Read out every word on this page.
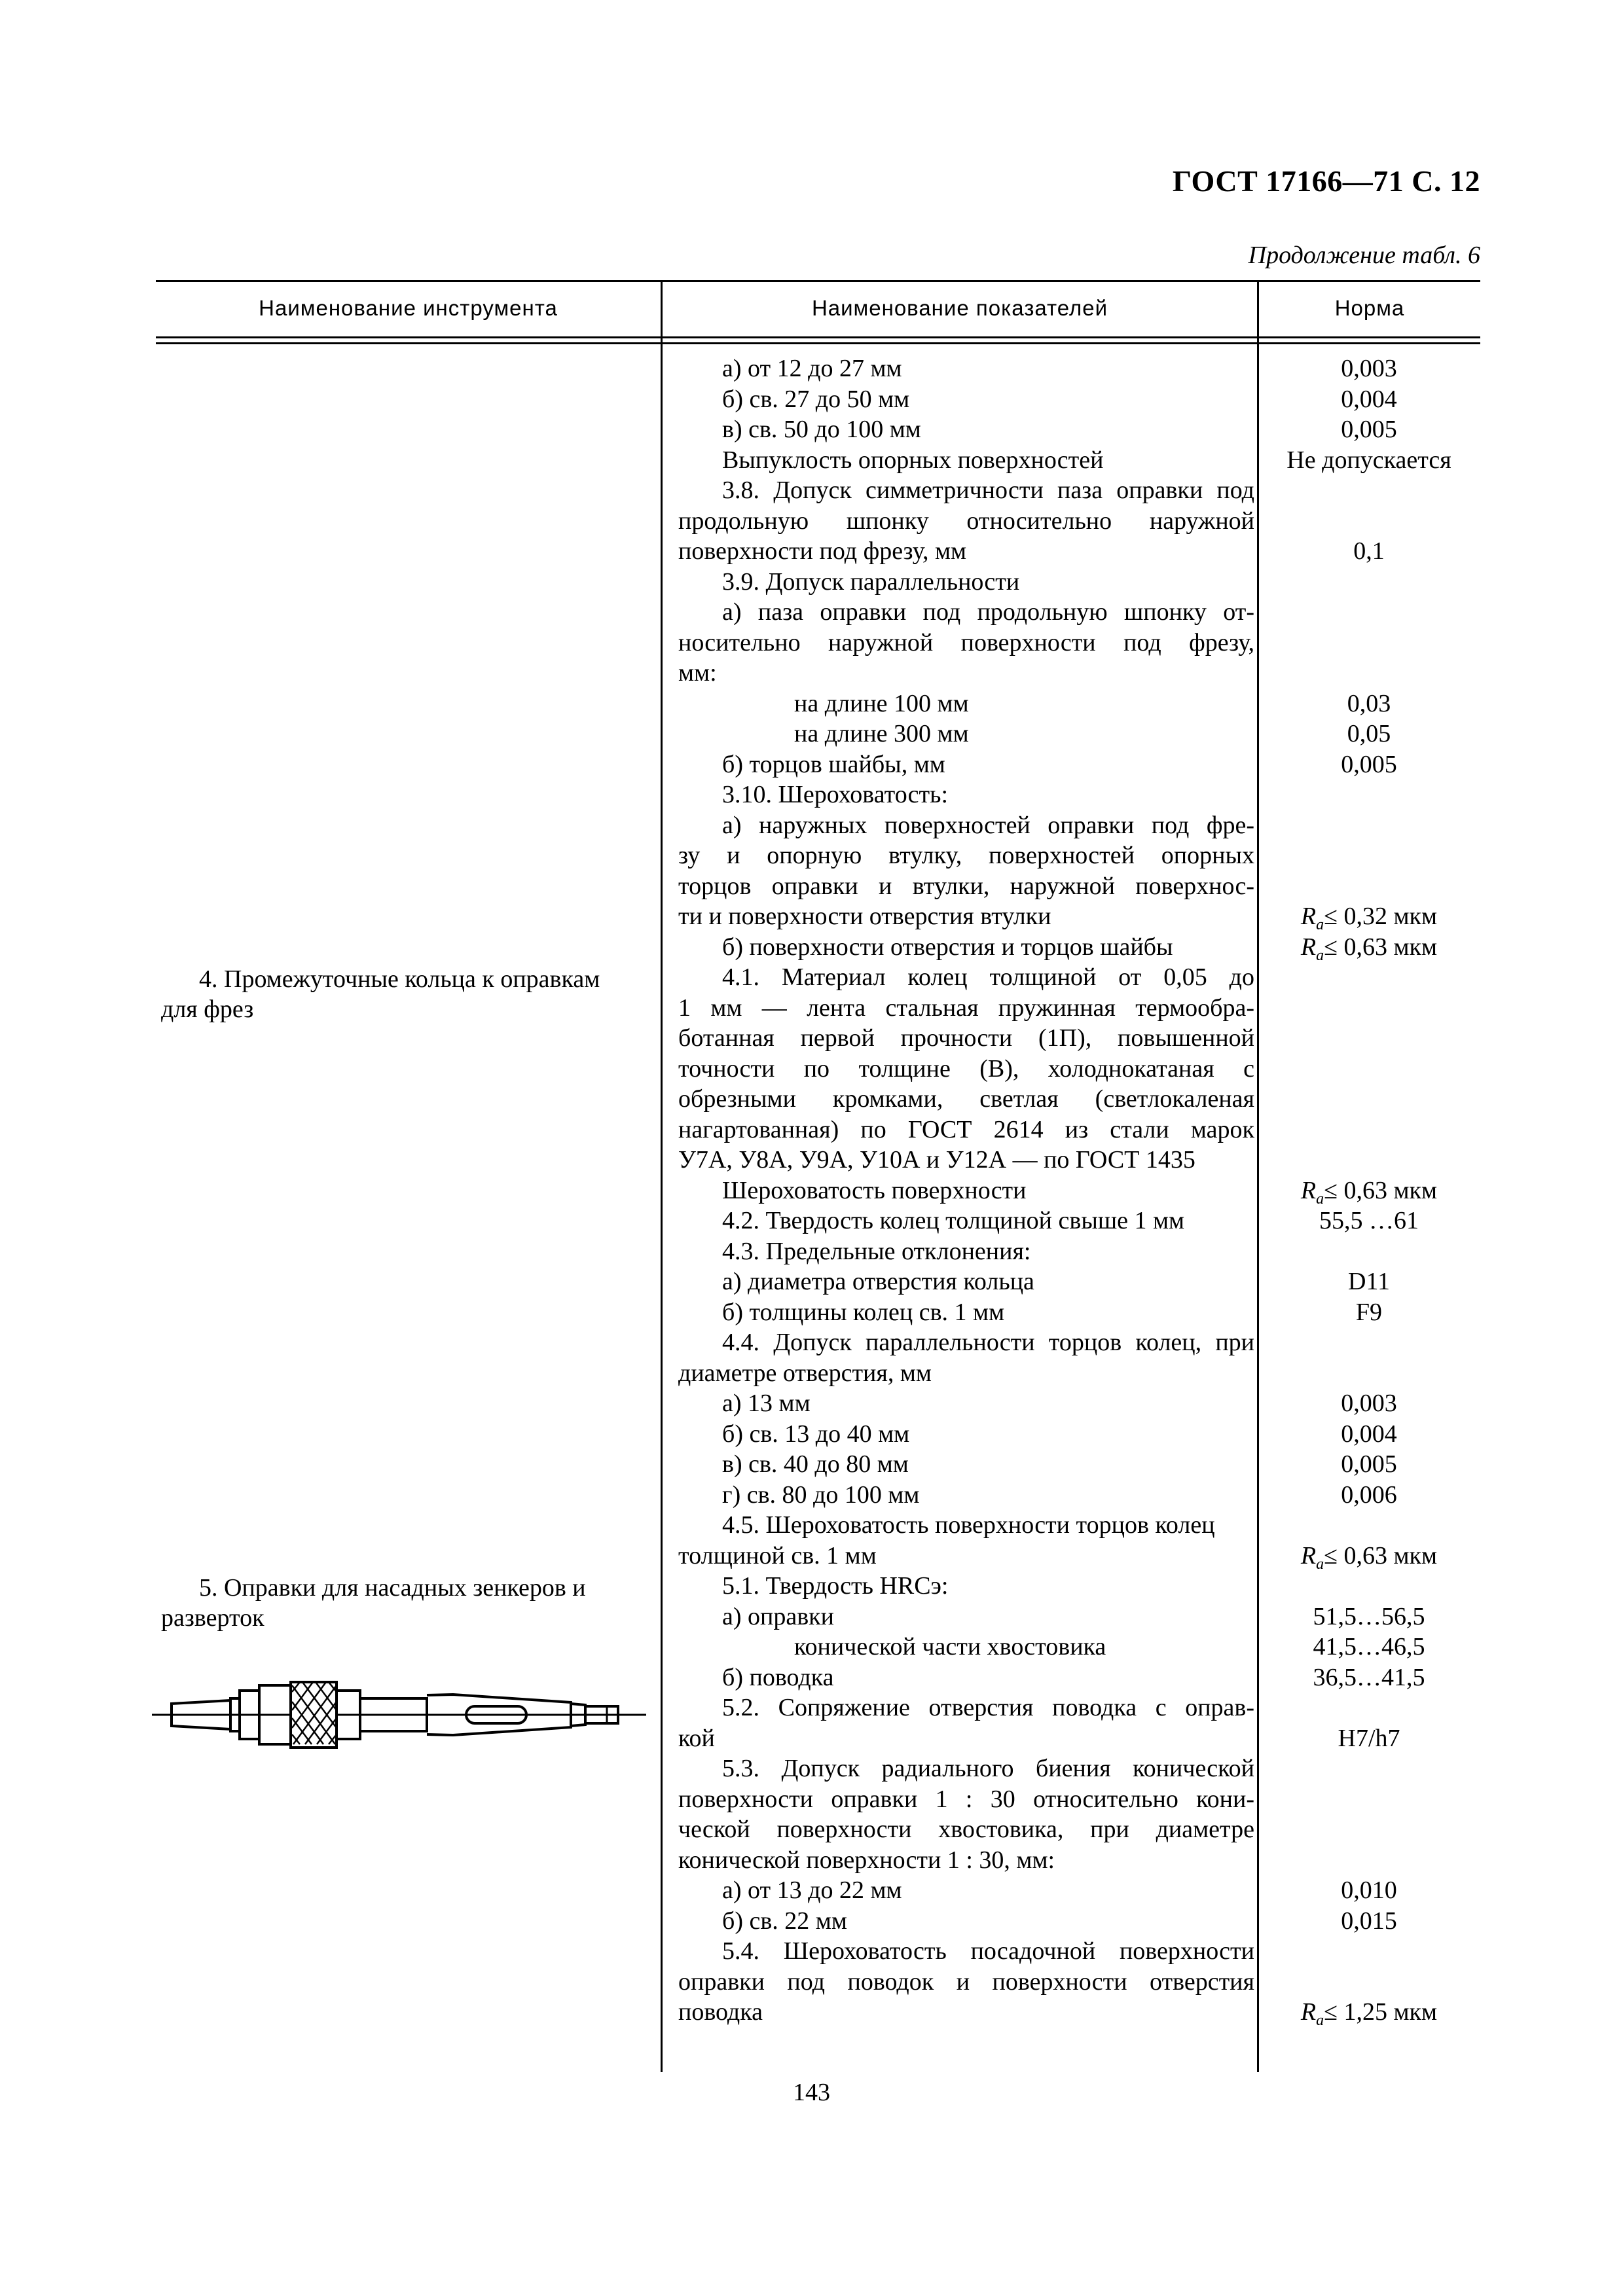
ГОСТ 17166—71 С. 12
Продолжение табл. 6
Наименование инструмента	Наименование показателей	Норма
4. Промежуточные кольца к оправкам
для фрез
5. Оправки для насадных зенкеров и
разверток
а) от 12 до 27 мм
б) св. 27 до 50 мм
в) св. 50 до 100 мм
Выпуклость опорных поверхностей
3.8. Допуск симметричности паза оправки под
продольную шпонку относительно наружной
поверхности под фрезу, мм
3.9. Допуск параллельности
а) паза оправки под продольную шпонку от-
носительно наружной поверхности под фрезу,
мм:
на длине 100 мм
на длине 300 мм
б) торцов шайбы, мм
3.10. Шероховатость:
а) наружных поверхностей оправки под фре-
зу и опорную втулку, поверхностей опорных
торцов оправки и втулки, наружной поверхнос-
ти и поверхности отверстия втулки
б) поверхности отверстия и торцов шайбы
4.1. Материал колец толщиной от 0,05 до
1 мм — лента стальная пружинная термообра-
ботанная первой прочности (1П), повышенной
точности по толщине (В), холоднокатаная с
обрезными кромками, светлая (светлокаленая
нагартованная) по ГОСТ 2614 из стали марок
У7А, У8А, У9А, У10А и У12А — по ГОСТ 1435
Шероховатость поверхности
4.2. Твердость колец толщиной свыше 1 мм
4.3. Предельные отклонения:
а) диаметра отверстия кольца
б) толщины колец св. 1 мм
4.4. Допуск параллельности торцов колец, при
диаметре отверстия, мм
а) 13 мм
б) св. 13 до 40 мм
в) св. 40 до 80 мм
г) св. 80 до 100 мм
4.5. Шероховатость поверхности торцов колец
толщиной св. 1 мм
5.1. Твердость HRCэ:
а) оправки
конической части хвостовика
б) поводка
5.2. Сопряжение отверстия поводка с оправ-
кой
5.3. Допуск радиального биения конической
поверхности оправки 1 : 30 относительно кони-
ческой поверхности хвостовика, при диаметре
конической поверхности 1 : 30, мм:
а) от 13 до 22 мм
б) св. 22 мм
5.4. Шероховатость посадочной поверхности
оправки под поводок и поверхности отверстия
поводка
0,003
0,004
0,005
Не допускается
0,1
0,03
0,05
0,005
$R_a\le 0,32$ мкм
$R_a\le 0,63$ мкм
$R_a\le 0,63$ мкм
55,5 …61
D11
F9
0,003
0,004
0,005
0,006
$R_a\le 0,63$ мкм
51,5…56,5
41,5…46,5
36,5…41,5
H7/h7
0,010
0,015
$R_a\le 1,25$ мкм
143
